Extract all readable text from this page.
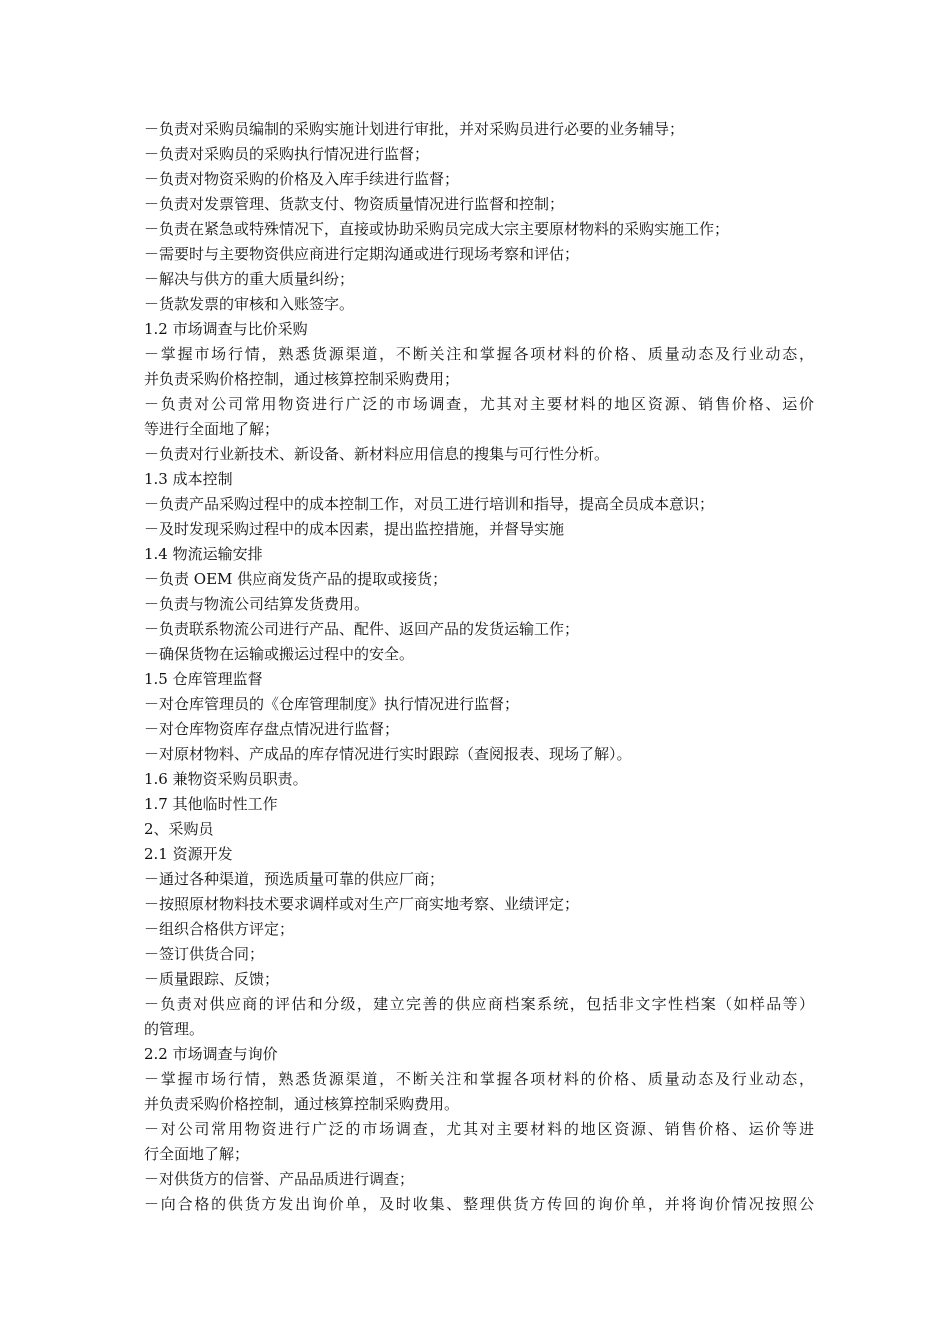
－负责对采购员编制的采购实施计划进行审批，并对采购员进行必要的业务辅导；
－负责对采购员的采购执行情况进行监督；
－负责对物资采购的价格及入库手续进行监督；
－负责对发票管理、货款支付、物资质量情况进行监督和控制；
－负责在紧急或特殊情况下，直接或协助采购员完成大宗主要原材物料的采购实施工作；
－需要时与主要物资供应商进行定期沟通或进行现场考察和评估；
－解决与供方的重大质量纠纷；
－货款发票的审核和入账签字。
1.2 市场调查与比价采购
－掌握市场行情，熟悉货源渠道，不断关注和掌握各项材料的价格、质量动态及行业动态，
并负责采购价格控制，通过核算控制采购费用；
－负责对公司常用物资进行广泛的市场调查，尤其对主要材料的地区资源、销售价格、运价
等进行全面地了解；
－负责对行业新技术、新设备、新材料应用信息的搜集与可行性分析。
1.3 成本控制
－负责产品采购过程中的成本控制工作，对员工进行培训和指导，提高全员成本意识；
－及时发现采购过程中的成本因素，提出监控措施，并督导实施
1.4 物流运输安排
－负责 OEM 供应商发货产品的提取或接货；
－负责与物流公司结算发货费用。
－负责联系物流公司进行产品、配件、返回产品的发货运输工作；
－确保货物在运输或搬运过程中的安全。
1.5 仓库管理监督
－对仓库管理员的《仓库管理制度》执行情况进行监督；
－对仓库物资库存盘点情况进行监督；
－对原材物料、产成品的库存情况进行实时跟踪（查阅报表、现场了解）。
1.6 兼物资采购员职责。
1.7 其他临时性工作
2、采购员
2.1 资源开发
－通过各种渠道，预选质量可靠的供应厂商；
－按照原材物料技术要求调样或对生产厂商实地考察、业绩评定；
－组织合格供方评定；
－签订供货合同；
－质量跟踪、反馈；
－负责对供应商的评估和分级，建立完善的供应商档案系统，包括非文字性档案（如样品等）
的管理。
2.2 市场调查与询价
－掌握市场行情，熟悉货源渠道，不断关注和掌握各项材料的价格、质量动态及行业动态，
并负责采购价格控制，通过核算控制采购费用。
－对公司常用物资进行广泛的市场调查，尤其对主要材料的地区资源、销售价格、运价等进
行全面地了解；
－对供货方的信誉、产品品质进行调查；
－向合格的供货方发出询价单，及时收集、整理供货方传回的询价单，并将询价情况按照公
